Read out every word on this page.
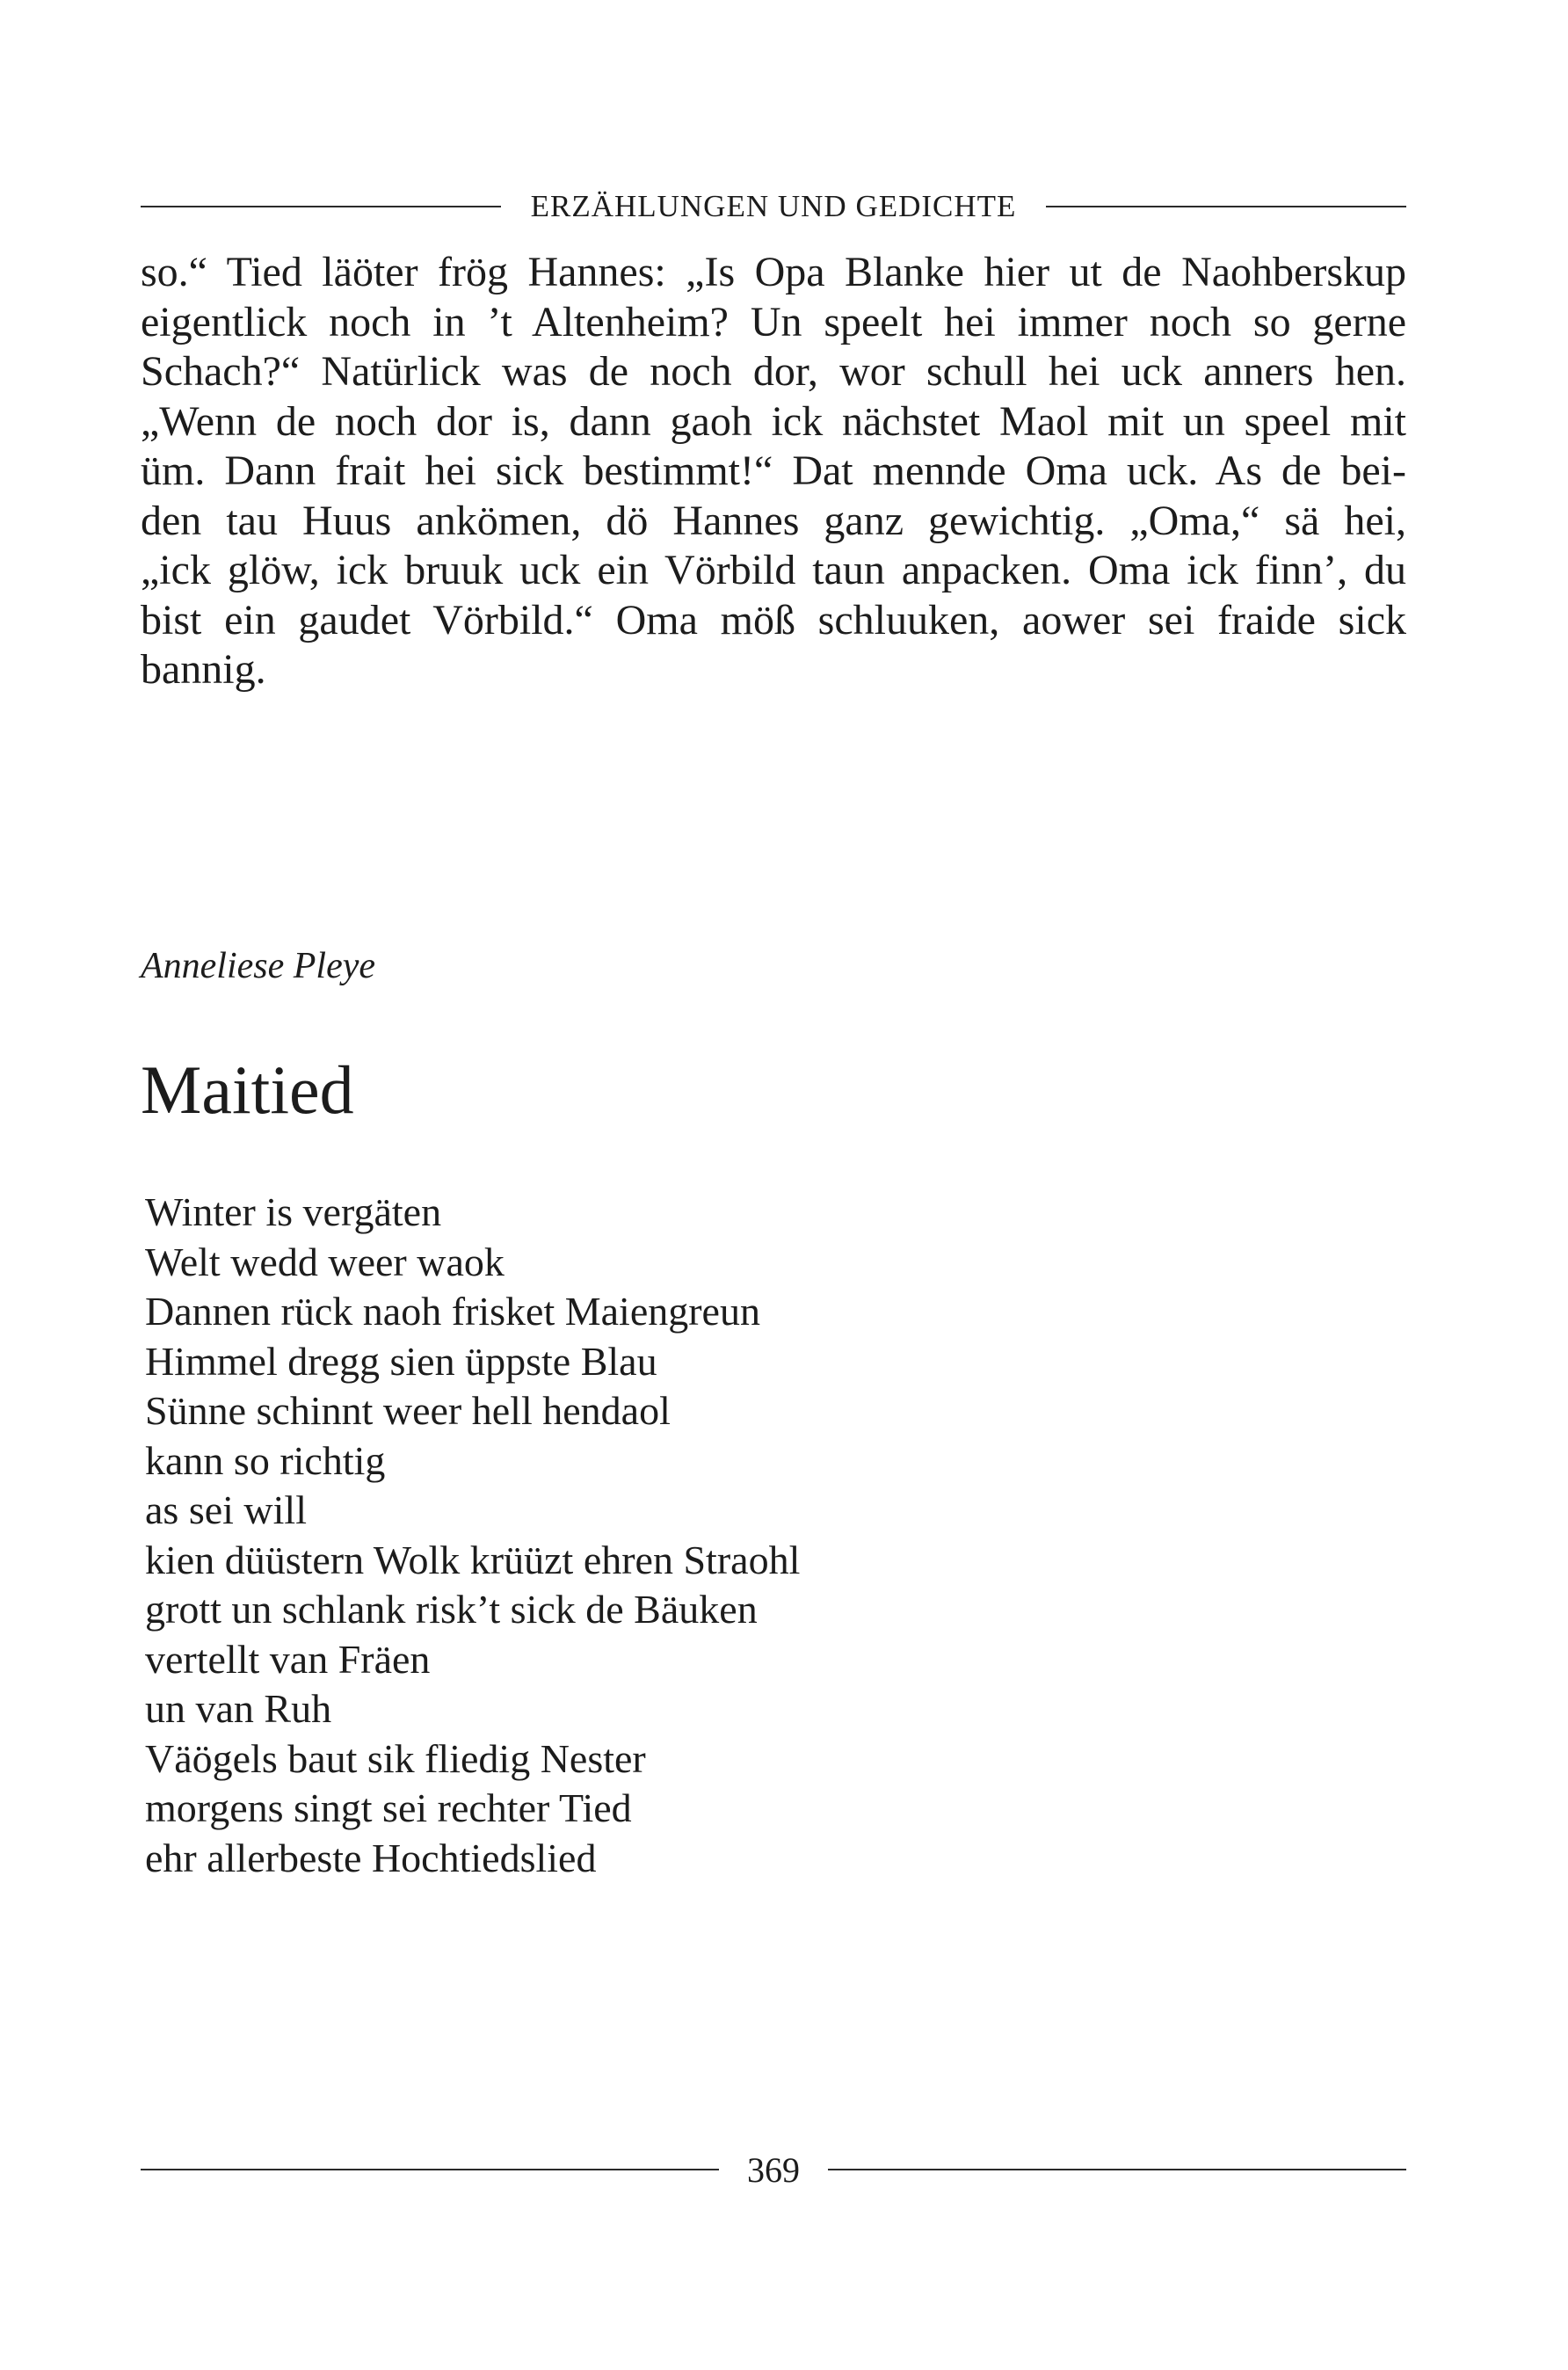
ERZÄHLUNGEN UND GEDICHTE
so.“ Tied läöter frög Hannes: „Is Opa Blanke hier ut de Naohberskup
eigentlick noch in ’t Altenheim? Un speelt hei immer noch so gerne
Schach?“ Natürlick was de noch dor, wor schull hei uck anners hen.
„Wenn de noch dor is, dann gaoh ick nächstet Maol mit un speel mit
üm. Dann frait hei sick bestimmt!“ Dat mennde Oma uck. As de bei-
den tau Huus ankömen, dö Hannes ganz gewichtig. „Oma,“ sä hei,
„ick glöw, ick bruuk uck ein Vörbild taun anpacken. Oma ick finn’, du
bist ein gaudet Vörbild.“ Oma möß schluuken, aower sei fraide sick
bannig.
Anneliese Pleye
Maitied
Winter is vergäten
Welt wedd weer waok
Dannen rück naoh frisket Maiengreun
Himmel dregg sien üppste Blau
Sünne schinnt weer hell hendaol
kann so richtig
as sei will
kien düüstern Wolk krüüzt ehren Straohl
grott un schlank risk’t sick de Bäuken
vertellt van Fräen
un van Ruh
Väögels baut sik fliedig Nester
morgens singt sei rechter Tied
ehr allerbeste Hochtiedslied
369
